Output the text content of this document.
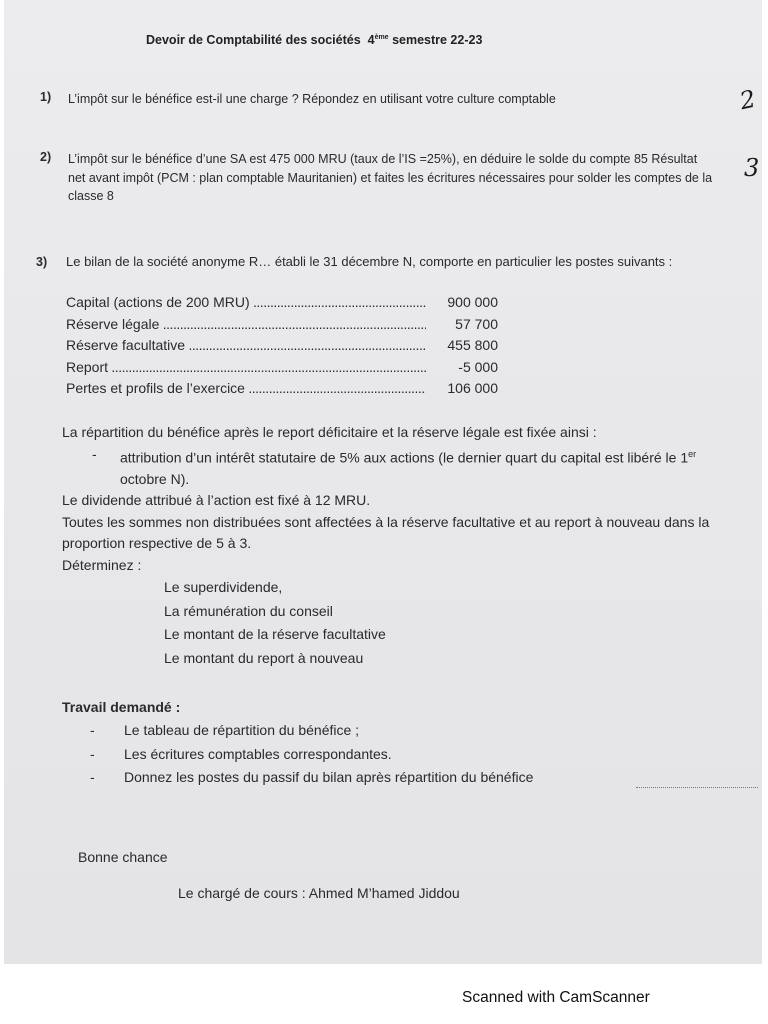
Devoir de Comptabilité des sociétés 4ème semestre 22-23
1) L’impôt sur le bénéfice est-il une charge ? Répondez en utilisant votre culture comptable	2
2) L’impôt sur le bénéfice d’une SA est 475 000 MRU (taux de l’IS =25%), en déduire le solde du compte 85 Résultat net avant impôt (PCM : plan comptable Mauritanien) et faites les écritures nécessaires pour solder les comptes de la classe 8
3
3) Le bilan de la société anonyme R… établi le 31 décembre N, comporte en particulier les postes suivants :
Capital (actions de 200 MRU) .....	900 000
Réserve légale .....	57 700
Réserve facultative .....	455 800
Report .....	-5 000
Pertes et profils de l’exercice .....	106 000
La répartition du bénéfice après le report déficitaire et la réserve légale est fixée ainsi :
-	attribution d’un intérêt statutaire de 5% aux actions (le dernier quart du capital est libéré le 1er octobre N).
Le dividende attribué à l’action est fixé à 12 MRU.
Toutes les sommes non distribuées sont affectées à la réserve facultative et au report à nouveau dans la proportion respective de 5 à 3.
Déterminez :
Le superdividende,
La rémunération du conseil
Le montant de la réserve facultative
Le montant du report à nouveau
Travail demandé :
-	Le tableau de répartition du bénéfice ;
-	Les écritures comptables correspondantes.
-	Donnez les postes du passif du bilan après répartition du bénéfice
Bonne chance
Le chargé de cours : Ahmed M’hamed Jiddou
Scanned with CamScanner
